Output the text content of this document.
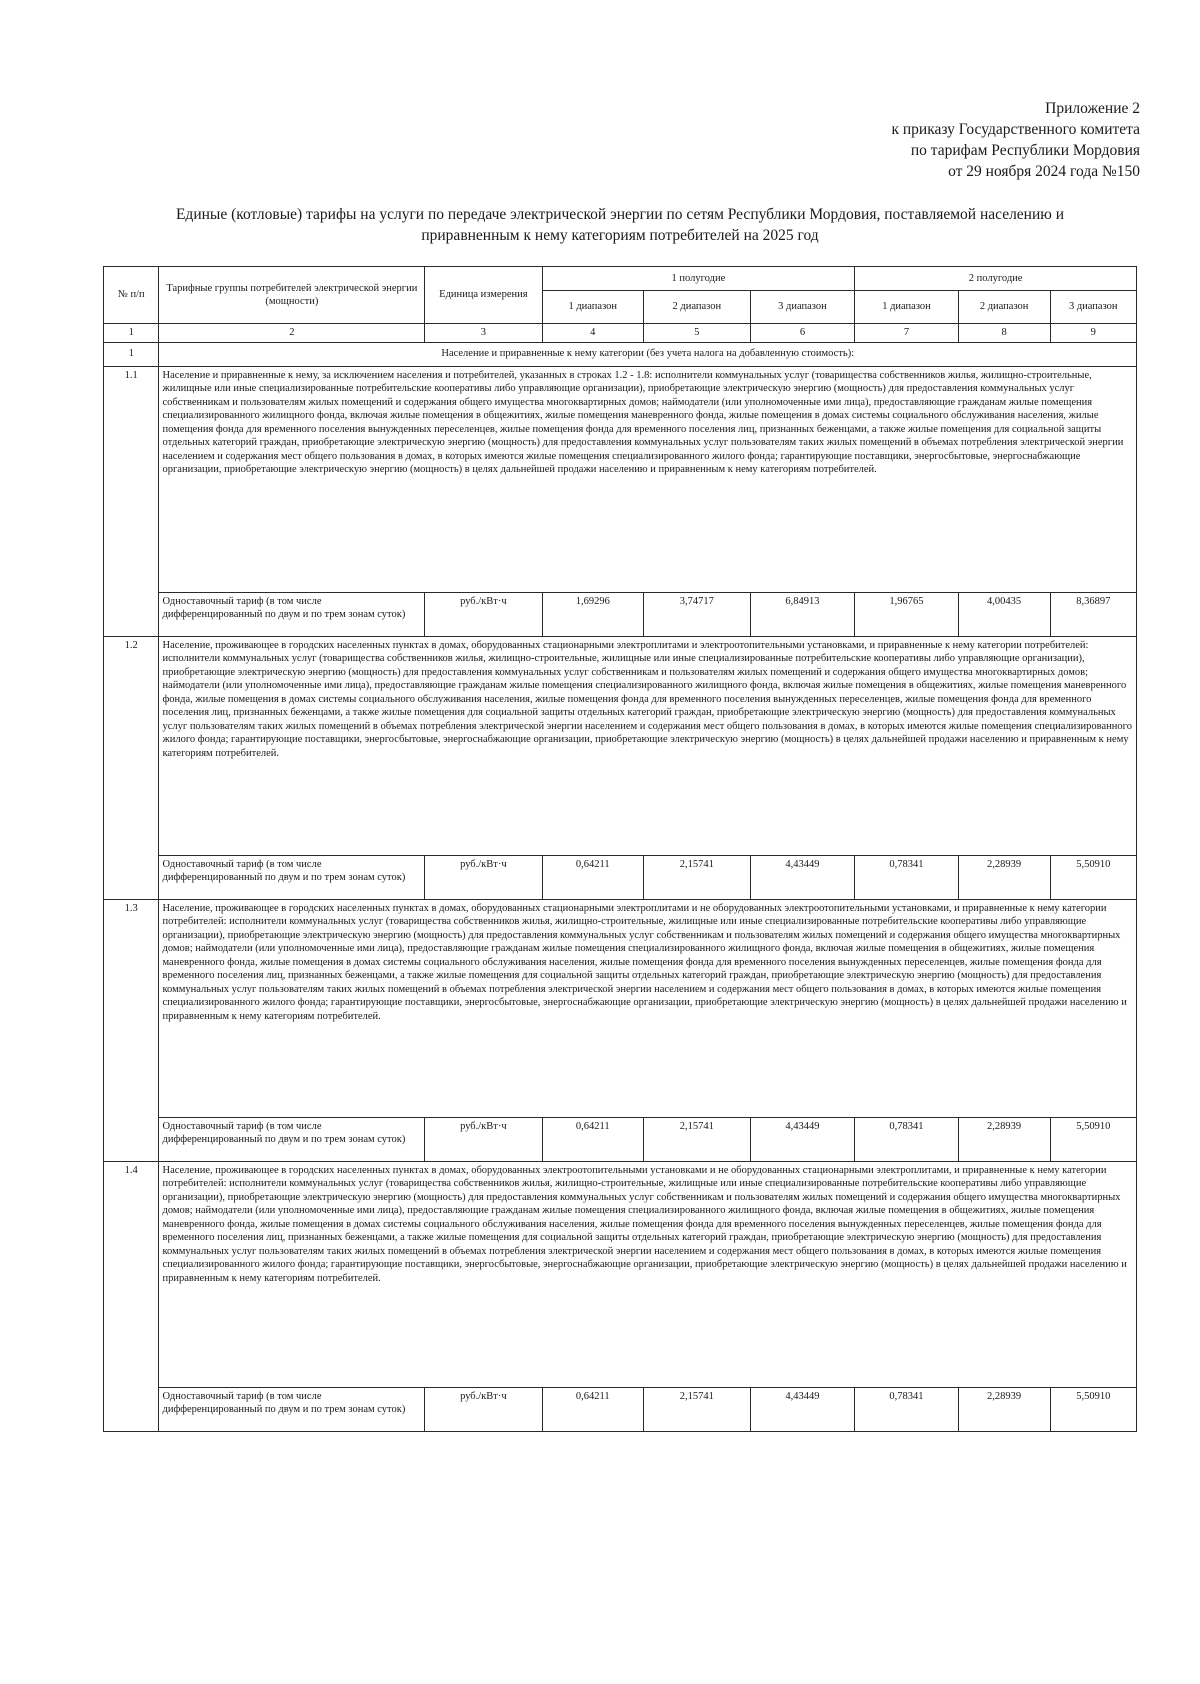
Приложение 2
к приказу Государственного комитета
по тарифам Республики Мордовия
от 29 ноября 2024 года №150
Единые (котловые) тарифы на услуги по передаче электрической энергии по сетям Республики Мордовия, поставляемой населению и
приравненным к нему категориям потребителей на 2025 год
№ п/п	Тарифные группы потребителей электрической энергии (мощности)	Единица измерения	1 полугодие			2 полугодие		
			1 диапазон	2 диапазон	3 диапазон	1 диапазон	2 диапазон	3 диапазон
1	2	3	4	5	6	7	8	9
1	Население и приравненные к нему категории (без учета налога на добавленную стоимость):							
1.1	Население и приравненные к нему, за исключением населения и потребителей, указанных в строках 1.2 - 1.8: исполнители коммунальных услуг (товарищества собственников жилья, жилищно-строительные, жилищные или иные специализированные потребительские кооперативы либо управляющие организации), приобретающие электрическую энергию (мощность) для предоставления коммунальных услуг собственникам и пользователям жилых помещений и содержания общего имущества многоквартирных домов; наймодатели (или уполномоченные ими лица), предоставляющие гражданам жилые помещения специализированного жилищного фонда, включая жилые помещения в общежитиях, жилые помещения маневренного фонда, жилые помещения в домах системы социального обслуживания населения, жилые помещения фонда для временного поселения вынужденных переселенцев, жилые помещения фонда для временного поселения лиц, признанных беженцами, а также жилые помещения для социальной защиты отдельных категорий граждан, приобретающие электрическую энергию (мощность) для предоставления коммунальных услуг пользователям таких жилых помещений в объемах потребления электрической энергии населением и содержания мест общего пользования в домах, в которых имеются жилые помещения специализированного жилого фонда; гарантирующие поставщики, энергосбытовые, энергоснабжающие организации, приобретающие электрическую энергию (мощность) в целях дальнейшей продажи населению и приравненным к нему категориям потребителей.							
	Одноставочный тариф (в том числе дифференцированный по двум и по трем зонам суток)	руб./кВт·ч	1,69296	3,74717	6,84913	1,96765	4,00435	8,36897
1.2	Население, проживающее в городских населенных пунктах в домах, оборудованных стационарными электроплитами и электроотопительными установками, и приравненные к нему категории потребителей: исполнители коммунальных услуг (товарищества собственников жилья, жилищно-строительные, жилищные или иные специализированные потребительские кооперативы либо управляющие организации), приобретающие электрическую энергию (мощность) для предоставления коммунальных услуг собственникам и пользователям жилых помещений и содержания общего имущества многоквартирных домов; наймодатели (или уполномоченные ими лица), предоставляющие гражданам жилые помещения специализированного жилищного фонда, включая жилые помещения в общежитиях, жилые помещения маневренного фонда, жилые помещения в домах системы социального обслуживания населения, жилые помещения фонда для временного поселения вынужденных переселенцев, жилые помещения фонда для временного поселения лиц, признанных беженцами, а также жилые помещения для социальной защиты отдельных категорий граждан, приобретающие электрическую энергию (мощность) для предоставления коммунальных услуг пользователям таких жилых помещений в объемах потребления электрической энергии населением и содержания мест общего пользования в домах, в которых имеются жилые помещения специализированного жилого фонда; гарантирующие поставщики, энергосбытовые, энергоснабжающие организации, приобретающие электрическую энергию (мощность) в целях дальнейшей продажи населению и приравненным к нему категориям потребителей.							
	Одноставочный тариф (в том числе дифференцированный по двум и по трем зонам суток)	руб./кВт·ч	0,64211	2,15741	4,43449	0,78341	2,28939	5,50910
1.3	Население, проживающее в городских населенных пунктах в домах, оборудованных стационарными электроплитами и не оборудованных электроотопительными установками, и приравненные к нему категории потребителей: исполнители коммунальных услуг (товарищества собственников жилья, жилищно-строительные, жилищные или иные специализированные потребительские кооперативы либо управляющие организации), приобретающие электрическую энергию (мощность) для предоставления коммунальных услуг собственникам и пользователям жилых помещений и содержания общего имущества многоквартирных домов; наймодатели (или уполномоченные ими лица), предоставляющие гражданам жилые помещения специализированного жилищного фонда, включая жилые помещения в общежитиях, жилые помещения маневренного фонда, жилые помещения в домах системы социального обслуживания населения, жилые помещения фонда для временного поселения вынужденных переселенцев, жилые помещения фонда для временного поселения лиц, признанных беженцами, а также жилые помещения для социальной защиты отдельных категорий граждан, приобретающие электрическую энергию (мощность) для предоставления коммунальных услуг пользователям таких жилых помещений в объемах потребления электрической энергии населением и содержания мест общего пользования в домах, в которых имеются жилые помещения специализированного жилого фонда; гарантирующие поставщики, энергосбытовые, энергоснабжающие организации, приобретающие электрическую энергию (мощность) в целях дальнейшей продажи населению и приравненным к нему категориям потребителей.							
	Одноставочный тариф (в том числе дифференцированный по двум и по трем зонам суток)	руб./кВт·ч	0,64211	2,15741	4,43449	0,78341	2,28939	5,50910
1.4	Население, проживающее в городских населенных пунктах в домах, оборудованных электроотопительными установками и не оборудованных стационарными электроплитами, и приравненные к нему категории потребителей: исполнители коммунальных услуг (товарищества собственников жилья, жилищно-строительные, жилищные или иные специализированные потребительские кооперативы либо управляющие организации), приобретающие электрическую энергию (мощность) для предоставления коммунальных услуг собственникам и пользователям жилых помещений и содержания общего имущества многоквартирных домов; наймодатели (или уполномоченные ими лица), предоставляющие гражданам жилые помещения специализированного жилищного фонда, включая жилые помещения в общежитиях, жилые помещения маневренного фонда, жилые помещения в домах системы социального обслуживания населения, жилые помещения фонда для временного поселения вынужденных переселенцев, жилые помещения фонда для временного поселения лиц, признанных беженцами, а также жилые помещения для социальной защиты отдельных категорий граждан, приобретающие электрическую энергию (мощность) для предоставления коммунальных услуг пользователям таких жилых помещений в объемах потребления электрической энергии населением и содержания мест общего пользования в домах, в которых имеются жилые помещения специализированного жилого фонда; гарантирующие поставщики, энергосбытовые, энергоснабжающие организации, приобретающие электрическую энергию (мощность) в целях дальнейшей продажи населению и приравненным к нему категориям потребителей.							
	Одноставочный тариф (в том числе дифференцированный по двум и по трем зонам суток)	руб./кВт·ч	0,64211	2,15741	4,43449	0,78341	2,28939	5,50910
